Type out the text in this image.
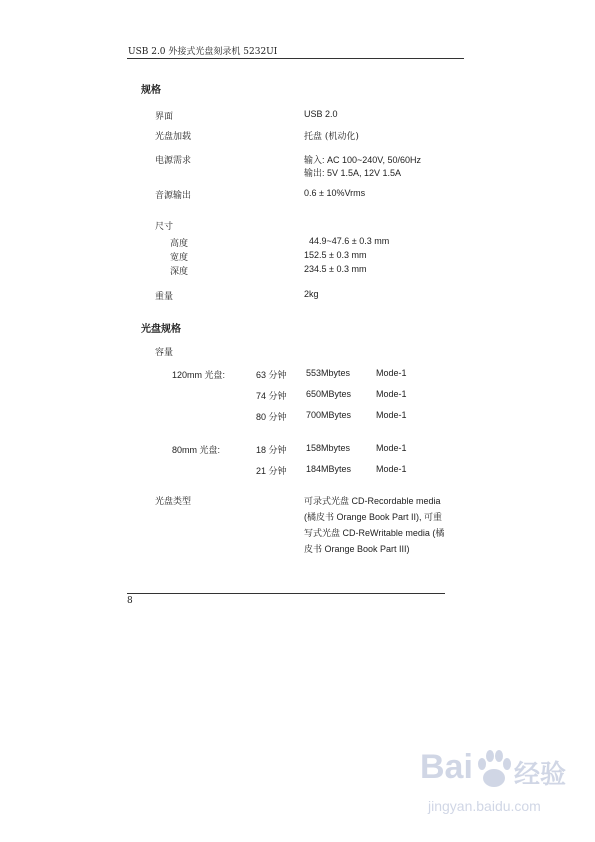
USB 2.0 外接式光盘刻录机 5232UI
规格
界面	USB 2.0
光盘加载	托盘 (机动化)
电源需求	输入: AC 100~240V, 50/60Hz
输出: 5V 1.5A, 12V 1.5A
音源输出	0.6 ± 10%Vrms
尺寸
高度	44.9~47.6 ± 0.3 mm
宽度	152.5 ± 0.3 mm
深度	234.5 ± 0.3 mm
重量	2kg
光盘规格
容量
120mm 光盘:	63 分钟 553Mbytes	Mode-1
74 分钟 650MBytes	Mode-1
80 分钟 700MBytes	Mode-1
80mm 光盘:	18 分钟 158Mbytes	Mode-1
21 分钟 184MBytes	Mode-1
光盘类型	可录式光盘 CD-Recordable media
(橘皮书 Orange Book Part II), 可重
写式光盘 CD-ReWritable media (橘
皮书 Orange Book Part III)
8
Bai 经验
jingyan.baidu.com
